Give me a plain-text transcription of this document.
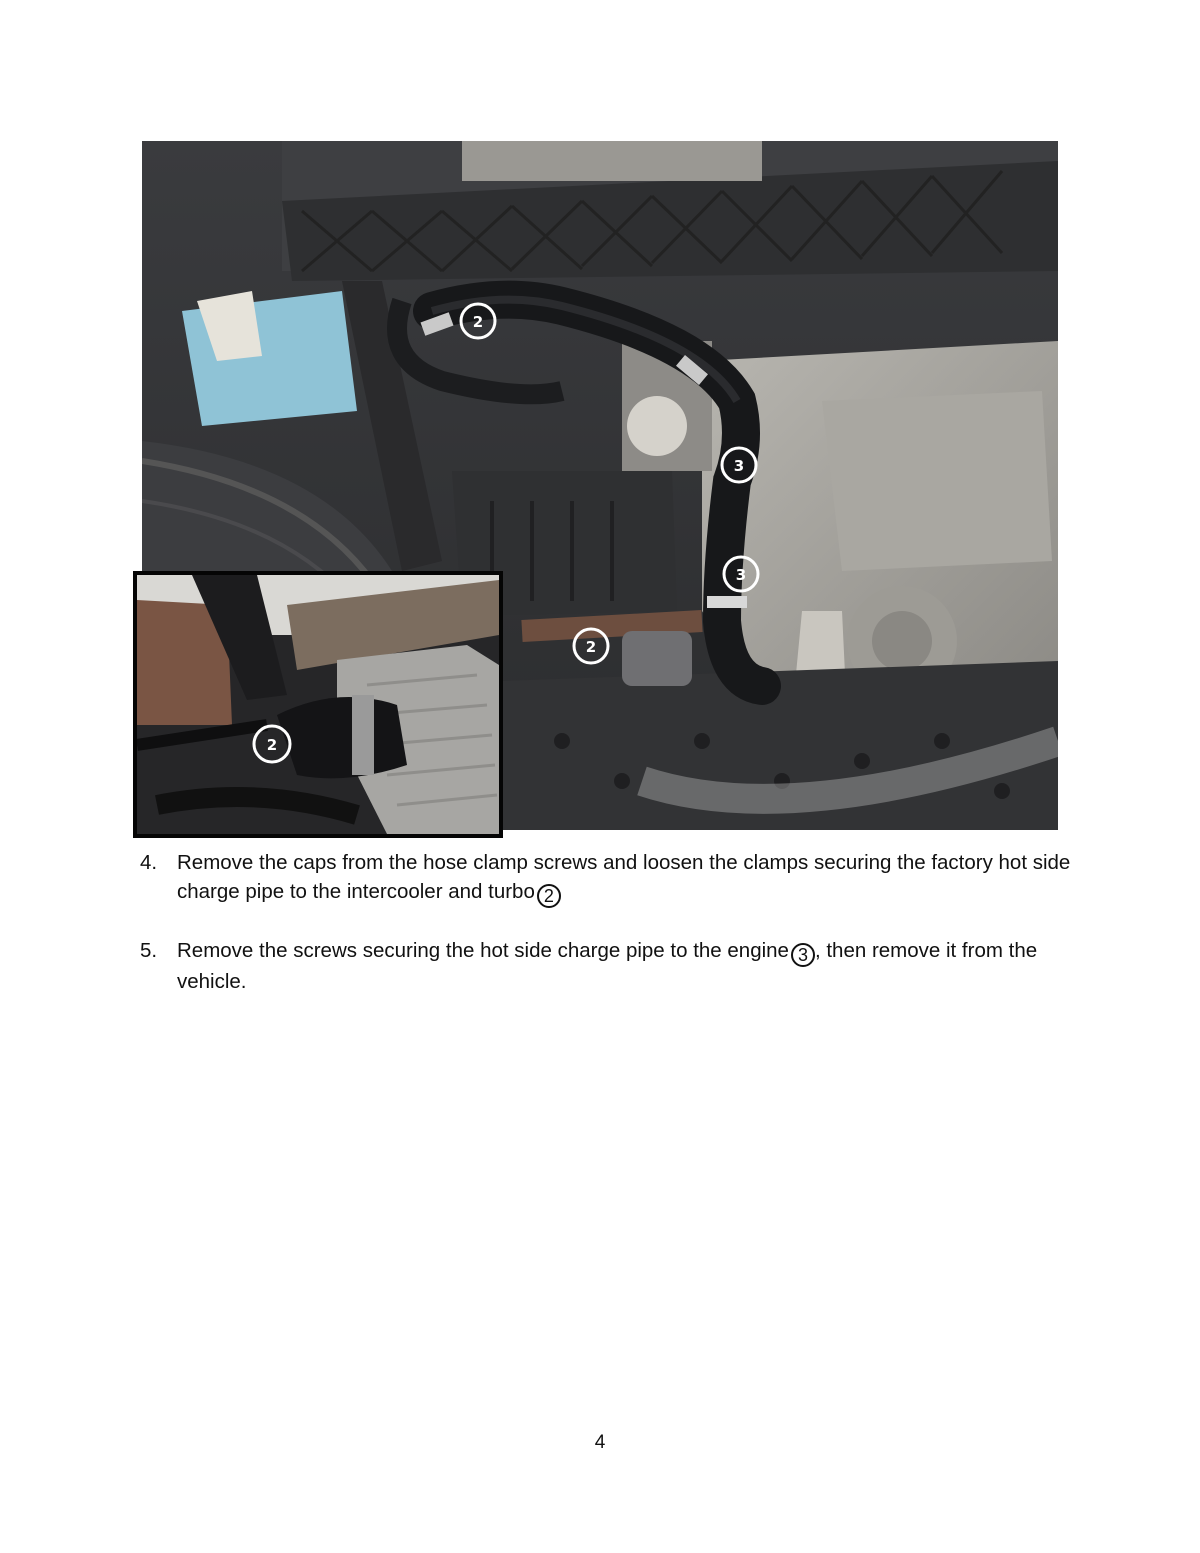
2
3
3
2
2
4. Remove the caps from the hose clamp screws and loosen the clamps securing the factory hot side charge pipe to the intercooler and turbo 2
5. Remove the screws securing the hot side charge pipe to the engine 3 , then remove it from the vehicle.
4
